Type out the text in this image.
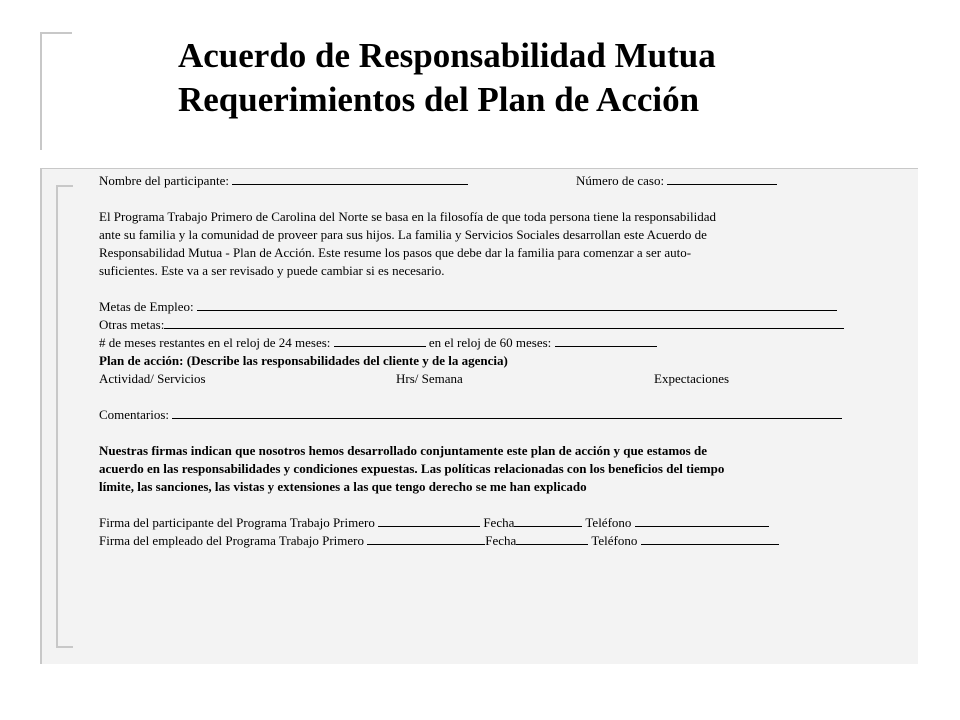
Acuerdo de Responsabilidad Mutua
Requerimientos del Plan de Acción
Nombre del participante:	Número de caso:
El Programa Trabajo Primero de Carolina del Norte se basa en la filosofía de que toda persona tiene la responsabilidad
ante su familia y la comunidad de proveer para sus hijos. La familia y Servicios Sociales desarrollan este Acuerdo de
Responsabilidad Mutua - Plan de Acción. Este resume los pasos que debe dar la familia para comenzar a ser auto-
suficientes. Este va a ser revisado y puede cambiar si es necesario.
Metas de Empleo:
Otras metas:
# de meses restantes en el reloj de 24 meses:	en el reloj de 60 meses:
Plan de acción: (Describe las responsabilidades del cliente y de la agencia)
Actividad/ Servicios	Hrs/ Semana	Expectaciones
Comentarios:
Nuestras firmas indican que nosotros hemos desarrollado conjuntamente este plan de acción y que estamos de
acuerdo en las responsabilidades y condiciones expuestas. Las políticas relacionadas con los beneficios del tiempo
límite, las sanciones, las vistas y extensiones a las que tengo derecho se me han explicado
Firma del participante del Programa Trabajo Primero	Fecha	Teléfono
Firma del empleado del Programa Trabajo Primero	Fecha	Teléfono
